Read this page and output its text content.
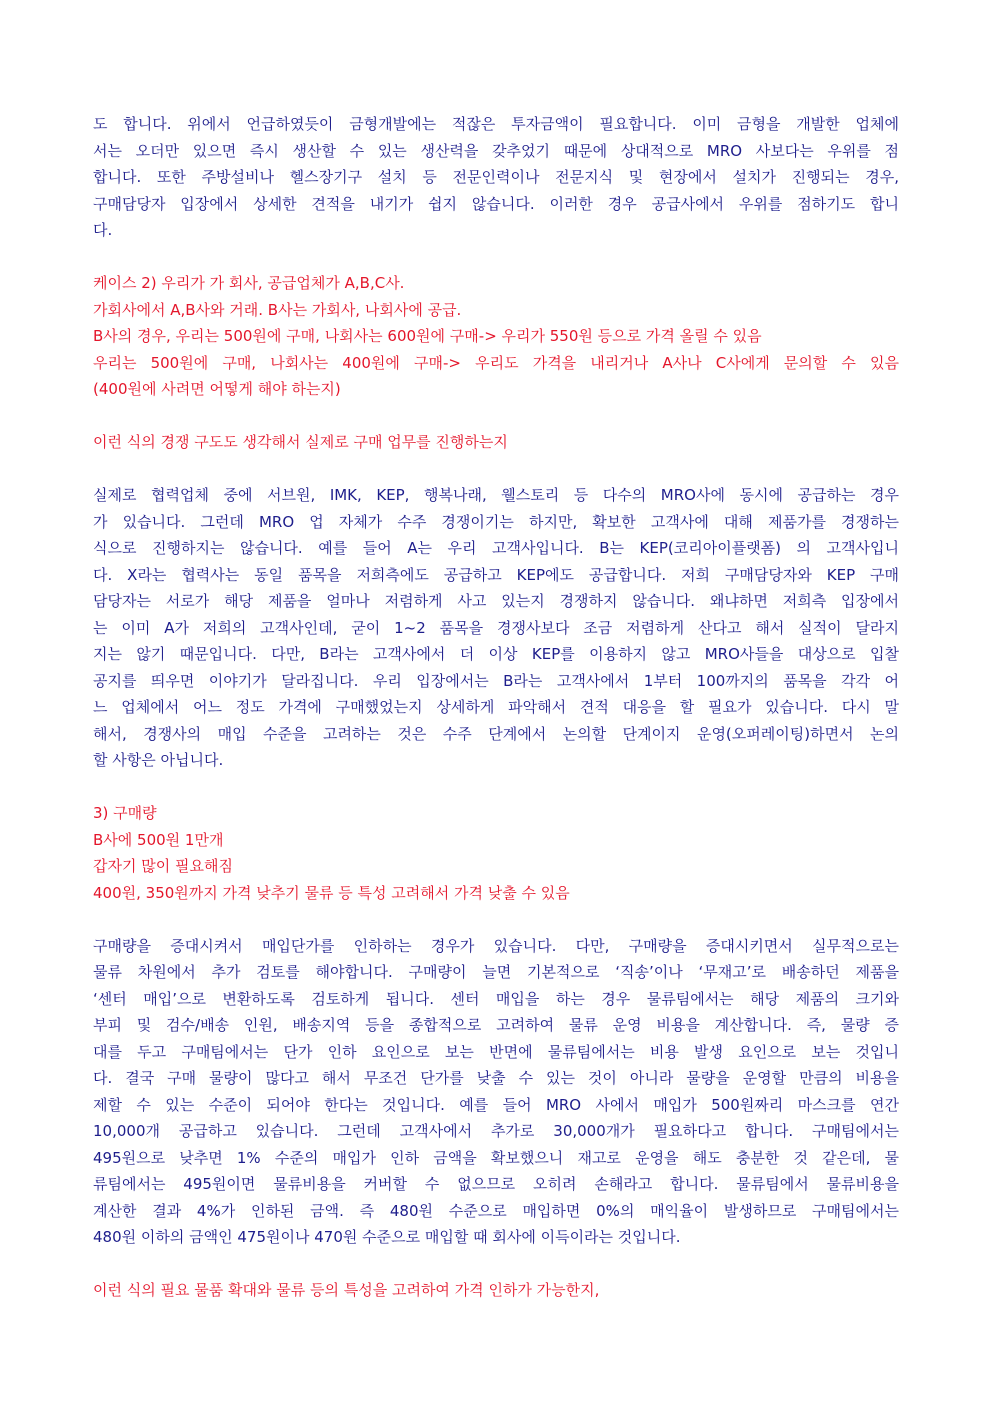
도 합니다. 위에서 언급하였듯이 금형개발에는 적잖은 투자금액이 필요합니다. 이미 금형을 개발한 업체에
서는 오더만 있으면 즉시 생산할 수 있는 생산력을 갖추었기 때문에 상대적으로 MRO 사보다는 우위를 점
합니다. 또한 주방설비나 헬스장기구 설치 등 전문인력이나 전문지식 및 현장에서 설치가 진행되는 경우,
구매담당자 입장에서 상세한 견적을 내기가 쉽지 않습니다. 이러한 경우 공급사에서 우위를 점하기도 합니
다.
케이스 2) 우리가 가 회사, 공급업체가 A,B,C사.
가회사에서 A,B사와 거래. B사는 가회사, 나회사에 공급.
B사의 경우, 우리는 500원에 구매, 나회사는 600원에 구매-> 우리가 550원 등으로 가격 올릴 수 있음
우리는 500원에 구매, 나회사는 400원에 구매-> 우리도 가격을 내리거나 A사나 C사에게 문의할 수 있음
(400원에 사려면 어떻게 해야 하는지)
이런 식의 경쟁 구도도 생각해서 실제로 구매 업무를 진행하는지
실제로 협력업체 중에 서브원, IMK, KEP, 행복나래, 웰스토리 등 다수의 MRO사에 동시에 공급하는 경우
가 있습니다. 그런데 MRO 업 자체가 수주 경쟁이기는 하지만, 확보한 고객사에 대해 제품가를 경쟁하는
식으로 진행하지는 않습니다. 예를 들어 A는 우리 고객사입니다. B는 KEP(코리아이플랫폼) 의 고객사입니
다. X라는 협력사는 동일 품목을 저희측에도 공급하고 KEP에도 공급합니다. 저희 구매담당자와 KEP 구매
담당자는 서로가 해당 제품을 얼마나 저렴하게 사고 있는지 경쟁하지 않습니다. 왜냐하면 저희측 입장에서
는 이미 A가 저희의 고객사인데, 굳이 1~2 품목을 경쟁사보다 조금 저렴하게 산다고 해서 실적이 달라지
지는 않기 때문입니다. 다만, B라는 고객사에서 더 이상 KEP를 이용하지 않고 MRO사들을 대상으로 입찰
공지를 띄우면 이야기가 달라집니다. 우리 입장에서는 B라는 고객사에서 1부터 100까지의 품목을 각각 어
느 업체에서 어느 정도 가격에 구매했었는지 상세하게 파악해서 견적 대응을 할 필요가 있습니다. 다시 말
해서, 경쟁사의 매입 수준을 고려하는 것은 수주 단계에서 논의할 단계이지 운영(오퍼레이팅)하면서 논의
할 사항은 아닙니다.
3) 구매량
B사에 500원 1만개
갑자기 많이 필요해짐
400원, 350원까지 가격 낮추기 물류 등 특성 고려해서 가격 낮출 수 있음
구매량을 증대시켜서 매입단가를 인하하는 경우가 있습니다. 다만, 구매량을 증대시키면서 실무적으로는
물류 차원에서 추가 검토를 해야합니다. 구매량이 늘면 기본적으로 ‘직송’이나 ‘무재고’로 배송하던 제품을
‘센터 매입’으로 변환하도록 검토하게 됩니다. 센터 매입을 하는 경우 물류팀에서는 해당 제품의 크기와
부피 및 검수/배송 인원, 배송지역 등을 종합적으로 고려하여 물류 운영 비용을 계산합니다. 즉, 물량 증
대를 두고 구매팀에서는 단가 인하 요인으로 보는 반면에 물류팀에서는 비용 발생 요인으로 보는 것입니
다. 결국 구매 물량이 많다고 해서 무조건 단가를 낮출 수 있는 것이 아니라 물량을 운영할 만큼의 비용을
제할 수 있는 수준이 되어야 한다는 것입니다. 예를 들어 MRO 사에서 매입가 500원짜리 마스크를 연간
10,000개 공급하고 있습니다. 그런데 고객사에서 추가로 30,000개가 필요하다고 합니다. 구매팀에서는
495원으로 낮추면 1% 수준의 매입가 인하 금액을 확보했으니 재고로 운영을 해도 충분한 것 같은데, 물
류팀에서는 495원이면 물류비용을 커버할 수 없으므로 오히려 손해라고 합니다. 물류팀에서 물류비용을
계산한 결과 4%가 인하된 금액. 즉 480원 수준으로 매입하면 0%의 매익율이 발생하므로 구매팀에서는
480원 이하의 금액인 475원이나 470원 수준으로 매입할 때 회사에 이득이라는 것입니다.
이런 식의 필요 물품 확대와 물류 등의 특성을 고려하여 가격 인하가 가능한지,
